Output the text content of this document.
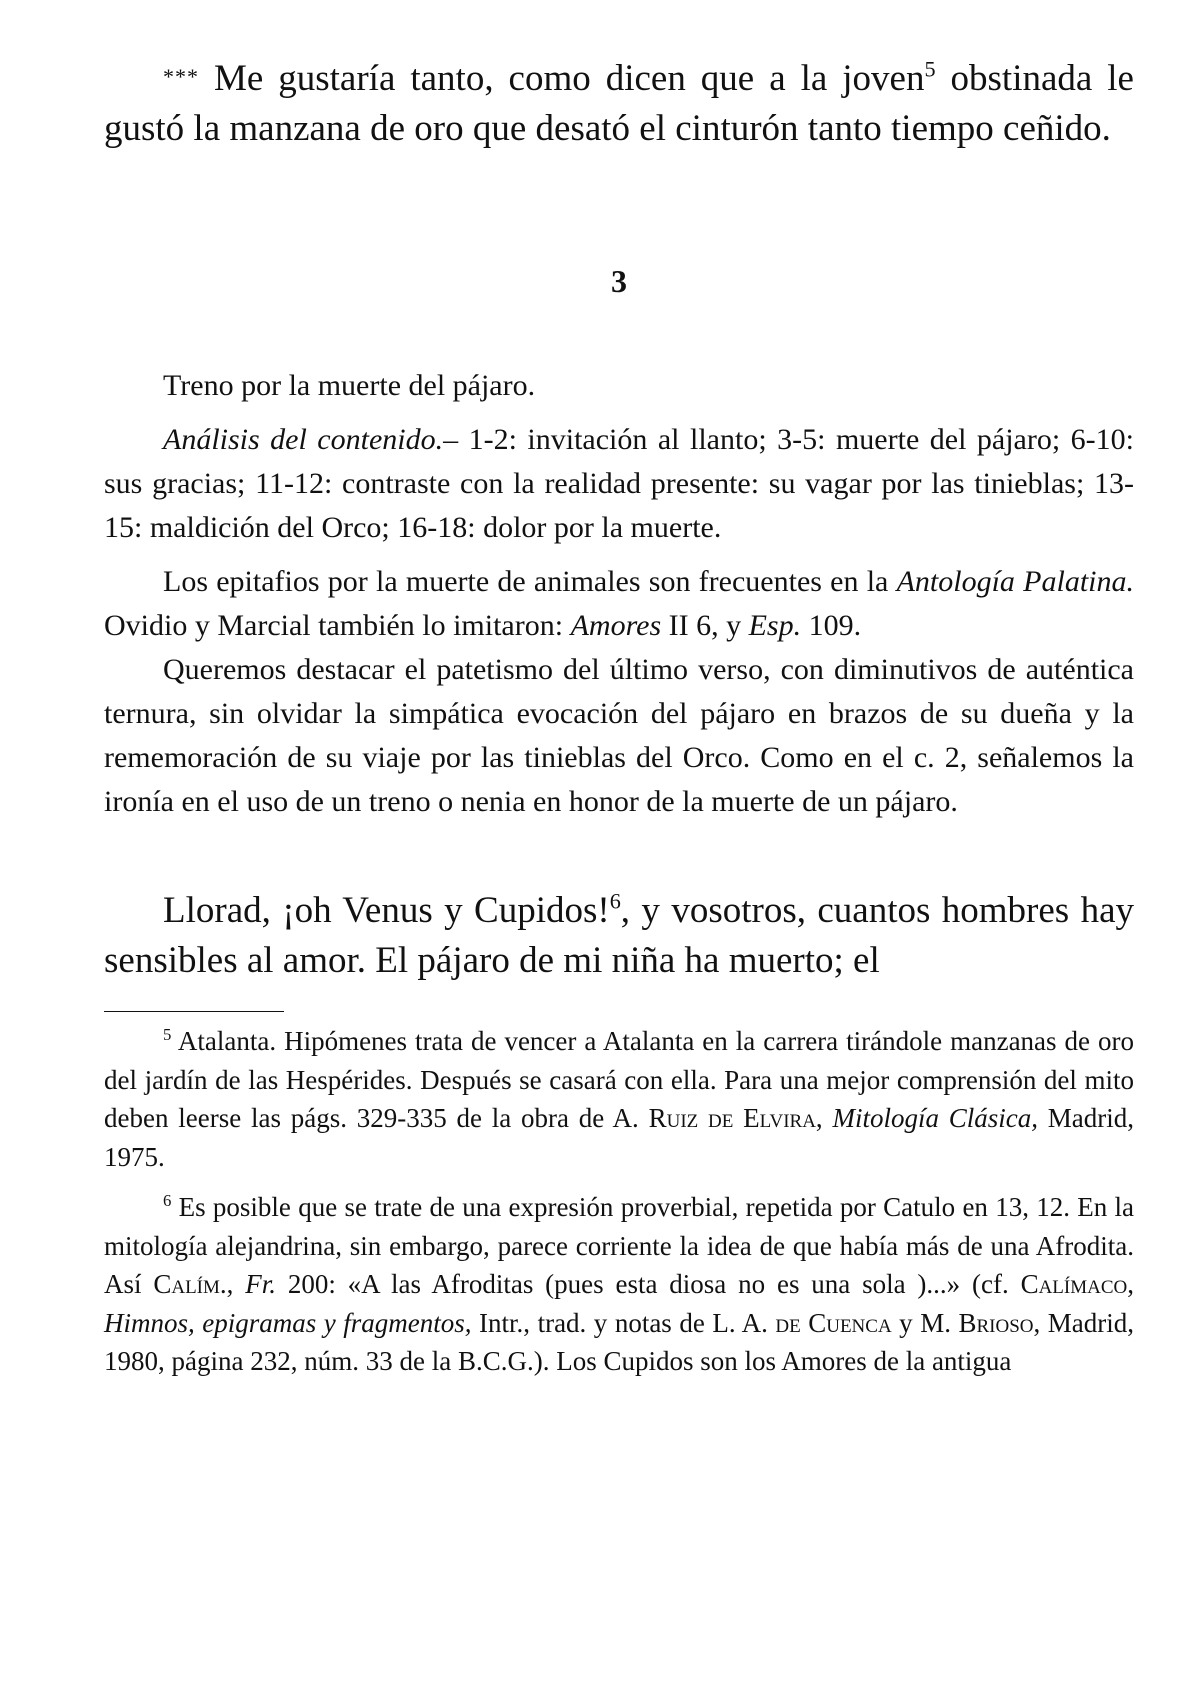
*** Me gustaría tanto, como dicen que a la joven$^5$ obstinada le gustó la manzana de oro que desató el cinturón tanto tiempo ceñido.

3

Treno por la muerte del pájaro.

Análisis del contenido.– 1-2: invitación al llanto; 3-5: muerte del pájaro; 6-10: sus gracias; 11-12: contraste con la realidad presente: su vagar por las tinieblas; 13-15: maldición del Orco; 16-18: dolor por la muerte.

Los epitafios por la muerte de animales son frecuentes en la Antología Palatina. Ovidio y Marcial también lo imitaron: Amores II 6, y Esp. 109.

Queremos destacar el patetismo del último verso, con diminutivos de auténtica ternura, sin olvidar la simpática evocación del pájaro en brazos de su dueña y la rememoración de su viaje por las tinieblas del Orco. Como en el c. 2, señalemos la ironía en el uso de un treno o nenia en honor de la muerte de un pájaro.

Llorad, ¡oh Venus y Cupidos!$^6$, y vosotros, cuantos hombres hay sensibles al amor. El pájaro de mi niña ha muerto; el

$^5$ Atalanta. Hipómenes trata de vencer a Atalanta en la carrera tirándole manzanas de oro del jardín de las Hespérides. Después se casará con ella. Para una mejor comprensión del mito deben leerse las págs. 329-335 de la obra de A. Ruiz de Elvira, Mitología Clásica, Madrid, 1975.

$^6$ Es posible que se trate de una expresión proverbial, repetida por Catulo en 13, 12. En la mitología alejandrina, sin embargo, parece corriente la idea de que había más de una Afrodita. Así Calím., Fr. 200: «A las Afroditas (pues esta diosa no es una sola )...» (cf. Calímaco, Himnos, epigramas y fragmentos, Intr., trad. y notas de L. A. de Cuenca y M. Brioso, Madrid, 1980, página 232, núm. 33 de la B.C.G.). Los Cupidos son los Amores de la antigua
